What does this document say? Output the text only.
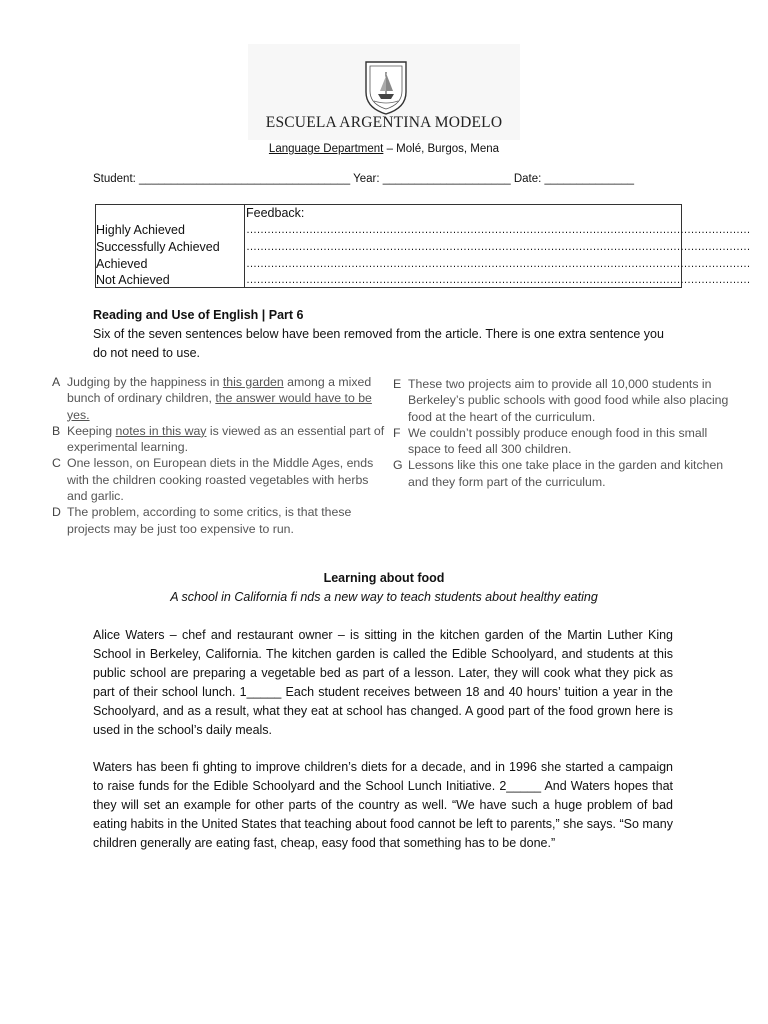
ESCUELA ARGENTINA MODELO
Language Department – Molé, Burgos, Mena
Student: _________________________________ Year: ____________________ Date: ______________
Highly Achieved
Successfully Achieved
Achieved
Not Achieved
Feedback:
………………………………………………………………………………………………………………………………
………………………………………………………………………………………………………………………………
………………………………………………………………………………………………………………………………
………………………………………………………………………………………………………………………………
Reading and Use of English | Part 6
Six of the seven sentences below have been removed from the article. There is one extra sentence you do not need to use.
A Judging by the happiness in this garden among a mixed bunch of ordinary children, the answer would have to be yes.
B Keeping notes in this way is viewed as an essential part of experimental learning.
C One lesson, on European diets in the Middle Ages, ends with the children cooking roasted vegetables with herbs and garlic.
D The problem, according to some critics, is that these projects may be just too expensive to run.
E These two projects aim to provide all 10,000 students in Berkeley’s public schools with good food while also placing food at the heart of the curriculum.
F We couldn’t possibly produce enough food in this small space to feed all 300 children.
G Lessons like this one take place in the garden and kitchen and they form part of the curriculum.
Learning about food
A school in California fi nds a new way to teach students about healthy eating
Alice Waters – chef and restaurant owner – is sitting in the kitchen garden of the Martin Luther King School in Berkeley, California. The kitchen garden is called the Edible Schoolyard, and students at this public school are preparing a vegetable bed as part of a lesson. Later, they will cook what they pick as part of their school lunch. 1_____ Each student receives between 18 and 40 hours’ tuition a year in the Schoolyard, and as a result, what they eat at school has changed. A good part of the food grown here is used in the school’s daily meals.
Waters has been fi ghting to improve children’s diets for a decade, and in 1996 she started a campaign to raise funds for the Edible Schoolyard and the School Lunch Initiative. 2_____ And Waters hopes that they will set an example for other parts of the country as well. “We have such a huge problem of bad eating habits in the United States that teaching about food cannot be left to parents,” she says. “So many children generally are eating fast, cheap, easy food that something has to be done.”
